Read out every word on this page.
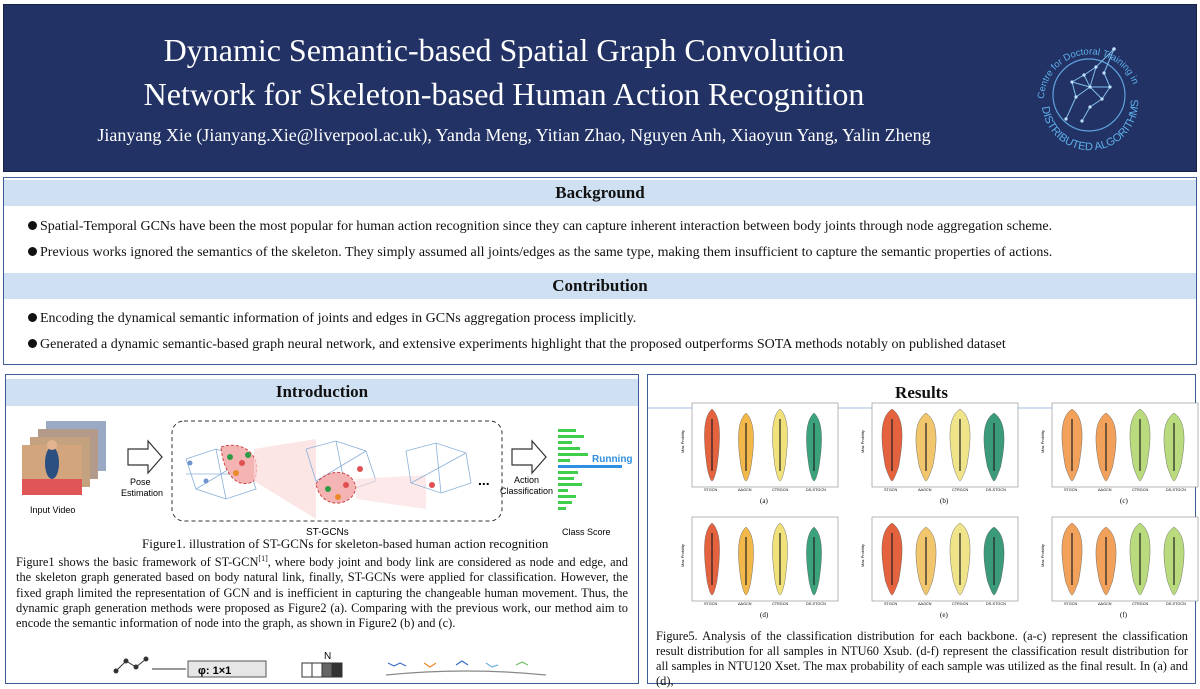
Dynamic Semantic-based Spatial Graph Convolution
Network for Skeleton-based Human Action Recognition
Jianyang Xie (Jianyang.Xie@liverpool.ac.uk), Yanda Meng, Yitian Zhao, Nguyen Anh, Xiaoyun Yang, Yalin Zheng
Centre for Doctoral Training in
DISTRIBUTED ALGORITHMS
Background
Spatial-Temporal GCNs have been the most popular for human action recognition since they can capture inherent interaction between body joints through node aggregation scheme.
Previous works ignored the semantics of the skeleton. They simply assumed all joints/edges as the same type, making them insufficient to capture the semantic properties of actions.
Contribution
Encoding the dynamical semantic information of joints and edges in GCNs aggregation process implicitly.
Generated a dynamic semantic-based graph neural network, and extensive experiments highlight that the proposed outperforms SOTA methods notably on published dataset
Introduction
Input Video
Pose
Estimation
...
ST-GCNs
Action
Classification
Running
Class Score
Figure1. illustration of ST-GCNs for skeleton-based human action recognition
Figure1 shows the basic framework of ST-GCN[1], where body joint and body link are considered as node and edge, and the skeleton graph generated based on body natural link, finally, ST-GCNs were applied for classification. However, the fixed graph limited the representation of GCN and is inefficient in capturing the changeable human movement. Thus, the dynamic graph generation methods were proposed as Figure2 (a). Comparing with the previous work, our method aim to encode the semantic information of node into the graph, as shown in Figure2 (b) and (c).
φ: 1×1
N
Results
Max Probility
STGCN	AAGCN	CTRGCN	DS-STGCN
(a)
Max Probility
STGCN	AAGCN	CTRGCN	DS-STGCN
(b)
Max Probility
STGCN	AAGCN	CTRGCN	DS-STGCN
(c)
Max Probility
STGCN	AAGCN	CTRGCN	DS-STGCN
(d)
Max Probility
STGCN	AAGCN	CTRGCN	DS-STGCN
(e)
Max Probility
STGCN	AAGCN	CTRGCN	DS-STGCN
(f)
Figure5. Analysis of the classification distribution for each backbone. (a-c) represent the classification result distribution for all samples in NTU60 Xsub. (d-f) represent the classification result distribution for all samples in NTU120 Xset. The max probability of each sample was utilized as the final result. In (a) and (d),
